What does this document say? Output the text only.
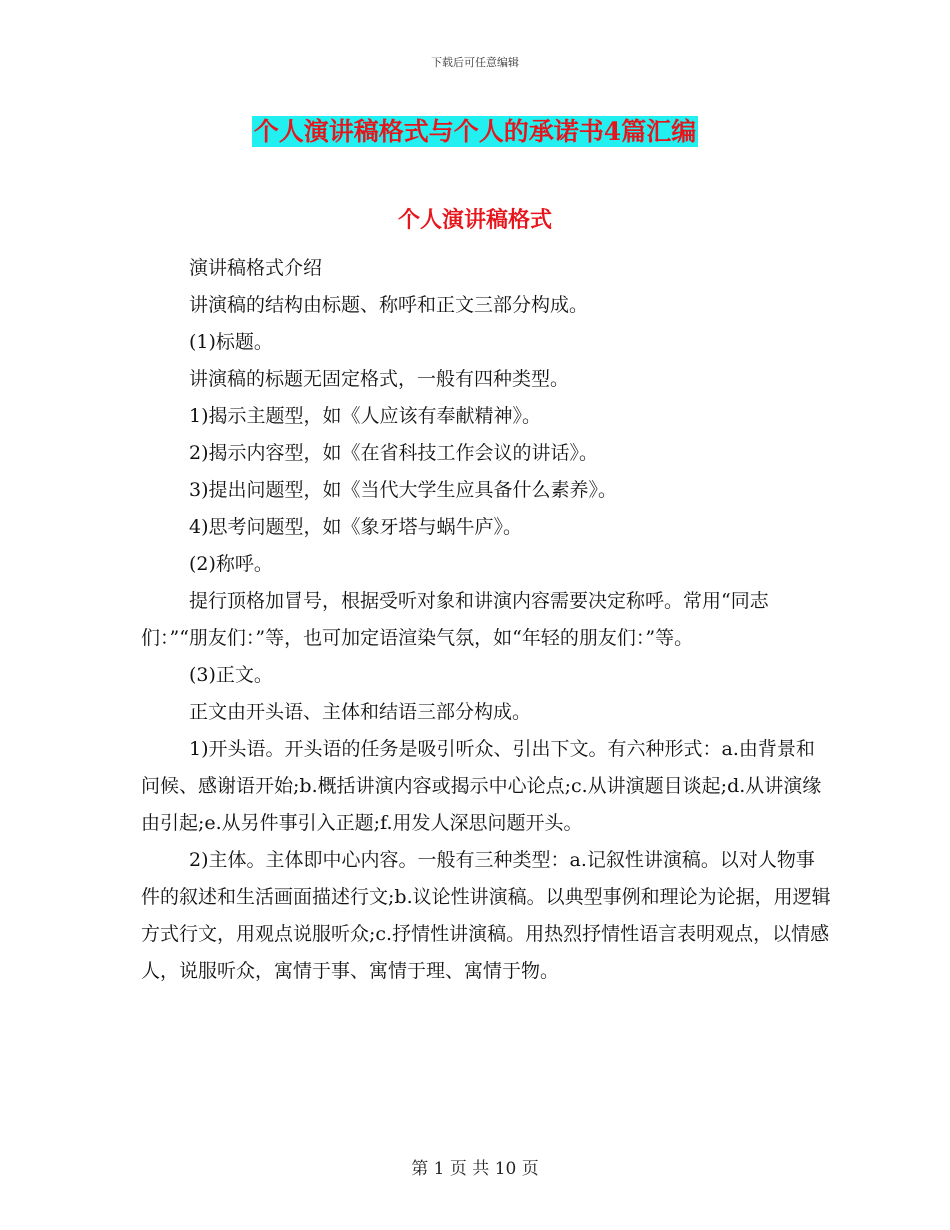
下载后可任意编辑
个人演讲稿格式与个人的承诺书4篇汇编
个人演讲稿格式

演讲稿格式介绍

讲演稿的结构由标题、称呼和正文三部分构成。

(1)标题。

讲演稿的标题无固定格式，一般有四种类型。

1)揭示主题型，如《人应该有奉献精神》。

2)揭示内容型，如《在省科技工作会议的讲话》。

3)提出问题型，如《当代大学生应具备什么素养》。

4)思考问题型，如《象牙塔与蜗牛庐》。

(2)称呼。

提行顶格加冒号，根据受听对象和讲演内容需要决定称呼。常用“同志们：”“朋友们：”等，也可加定语渲染气氛，如“年轻的朋友们：”等。

(3)正文。

正文由开头语、主体和结语三部分构成。

1)开头语。开头语的任务是吸引听众、引出下文。有六种形式：a.由背景和问候、感谢语开始;b.概括讲演内容或揭示中心论点;c.从讲演题目谈起;d.从讲演缘由引起;e.从另件事引入正题;f.用发人深思问题开头。

2)主体。主体即中心内容。一般有三种类型：a.记叙性讲演稿。以对人物事件的叙述和生活画面描述行文;b.议论性讲演稿。以典型事例和理论为论据，用逻辑方式行文，用观点说服听众;c.抒情性讲演稿。用热烈抒情性语言表明观点，以情感人，说服听众，寓情于事、寓情于理、寓情于物。

第 1 页 共 10 页
